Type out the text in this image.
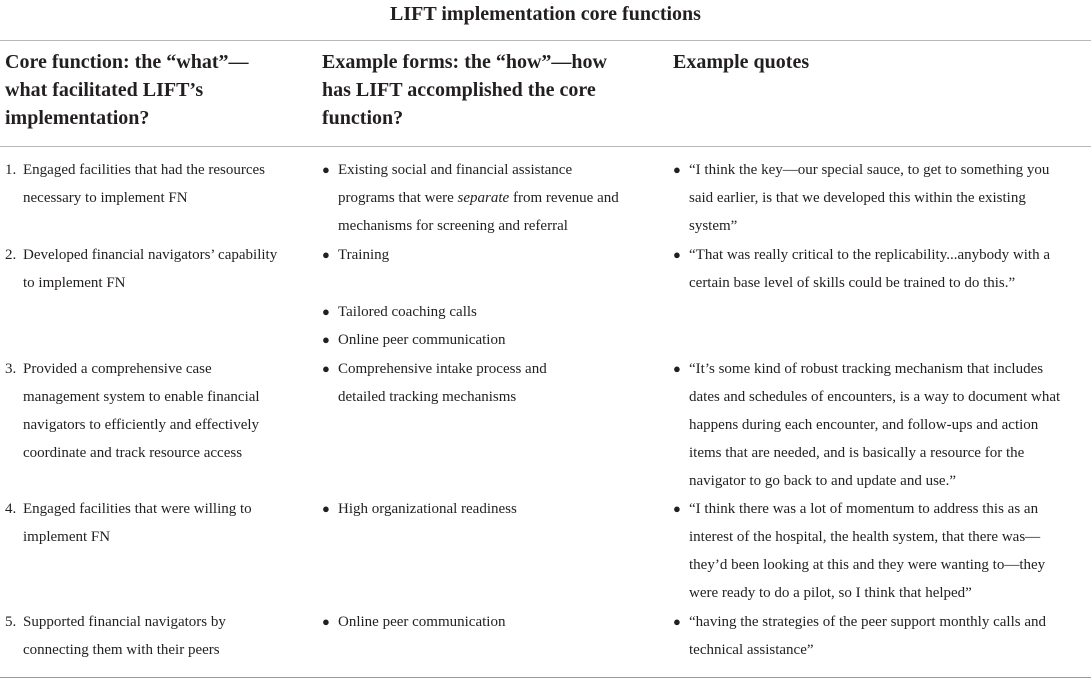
LIFT implementation core functions
Core function: the “what”—what facilitated LIFT’s implementation?
Example forms: the “how”—how has LIFT accomplished the core function?
Example quotes
1. Engaged facilities that had the resources necessary to implement FN
● Existing social and financial assistance programs that were separate from revenue and mechanisms for screening and referral
● “I think the key—our special sauce, to get to something you said earlier, is that we developed this within the existing system”
2. Developed financial navigators’ capability to implement FN
● Training
● Tailored coaching calls
● Online peer communication
● “That was really critical to the replicability...anybody with a certain base level of skills could be trained to do this.”
3. Provided a comprehensive case management system to enable financial navigators to efficiently and effectively coordinate and track resource access
● Comprehensive intake process and detailed tracking mechanisms
● “It’s some kind of robust tracking mechanism that includes dates and schedules of encounters, is a way to document what happens during each encounter, and follow-ups and action items that are needed, and is basically a resource for the navigator to go back to and update and use.”
4. Engaged facilities that were willing to implement FN
● High organizational readiness	● “I think there was a lot of momentum to address this as an interest of the hospital, the health system, that there was—they’d been looking at this and they were wanting to—they were ready to do a pilot, so I think that helped”
5. Supported financial navigators by connecting them with their peers
● Online peer communication	● “having the strategies of the peer support monthly calls and technical assistance”
